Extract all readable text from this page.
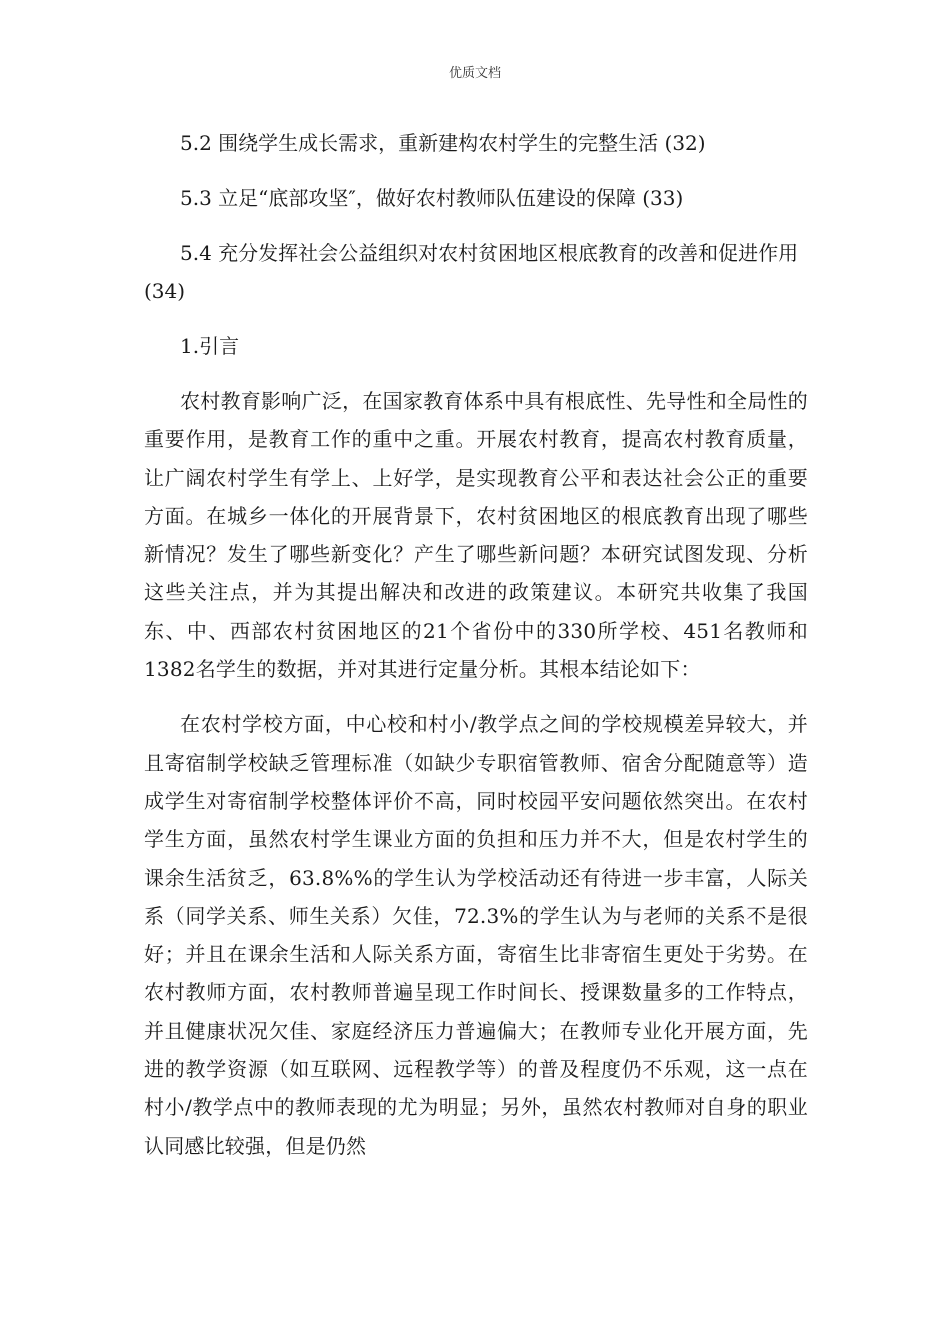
优质文档

5.2 围绕学生成长需求，重新建构农村学生的完整生活 (32)

5.3 立足“底部攻坚″，做好农村教师队伍建设的保障 (33)

5.4 充分发挥社会公益组织对农村贫困地区根底教育的改善和促进作用 (34)

1.引言

农村教育影响广泛，在国家教育体系中具有根底性、先导性和全局性的重要作用，是教育工作的重中之重。开展农村教育，提高农村教育质量，让广阔农村学生有学上、上好学，是实现教育公平和表达社会公正的重要方面。在城乡一体化的开展背景下，农村贫困地区的根底教育出现了哪些新情况？发生了哪些新变化？产生了哪些新问题？本研究试图发现、分析这些关注点，并为其提出解决和改进的政策建议。本研究共收集了我国东、中、西部农村贫困地区的21个省份中的330所学校、451名教师和1382名学生的数据，并对其进行定量分析。其根本结论如下：

在农村学校方面，中心校和村小/教学点之间的学校规模差异较大，并且寄宿制学校缺乏管理标准（如缺少专职宿管教师、宿舍分配随意等）造成学生对寄宿制学校整体评价不高，同时校园平安问题依然突出。在农村学生方面，虽然农村学生课业方面的负担和压力并不大，但是农村学生的课余生活贫乏，63.8%%的学生认为学校活动还有待进一步丰富，人际关系（同学关系、师生关系）欠佳，72.3%的学生认为与老师的关系不是很好；并且在课余生活和人际关系方面，寄宿生比非寄宿生更处于劣势。在农村教师方面，农村教师普遍呈现工作时间长、授课数量多的工作特点，并且健康状况欠佳、家庭经济压力普遍偏大；在教师专业化开展方面，先进的教学资源（如互联网、远程教学等）的普及程度仍不乐观，这一点在村小/教学点中的教师表现的尤为明显；另外，虽然农村教师对自身的职业认同感比较强，但是仍然
